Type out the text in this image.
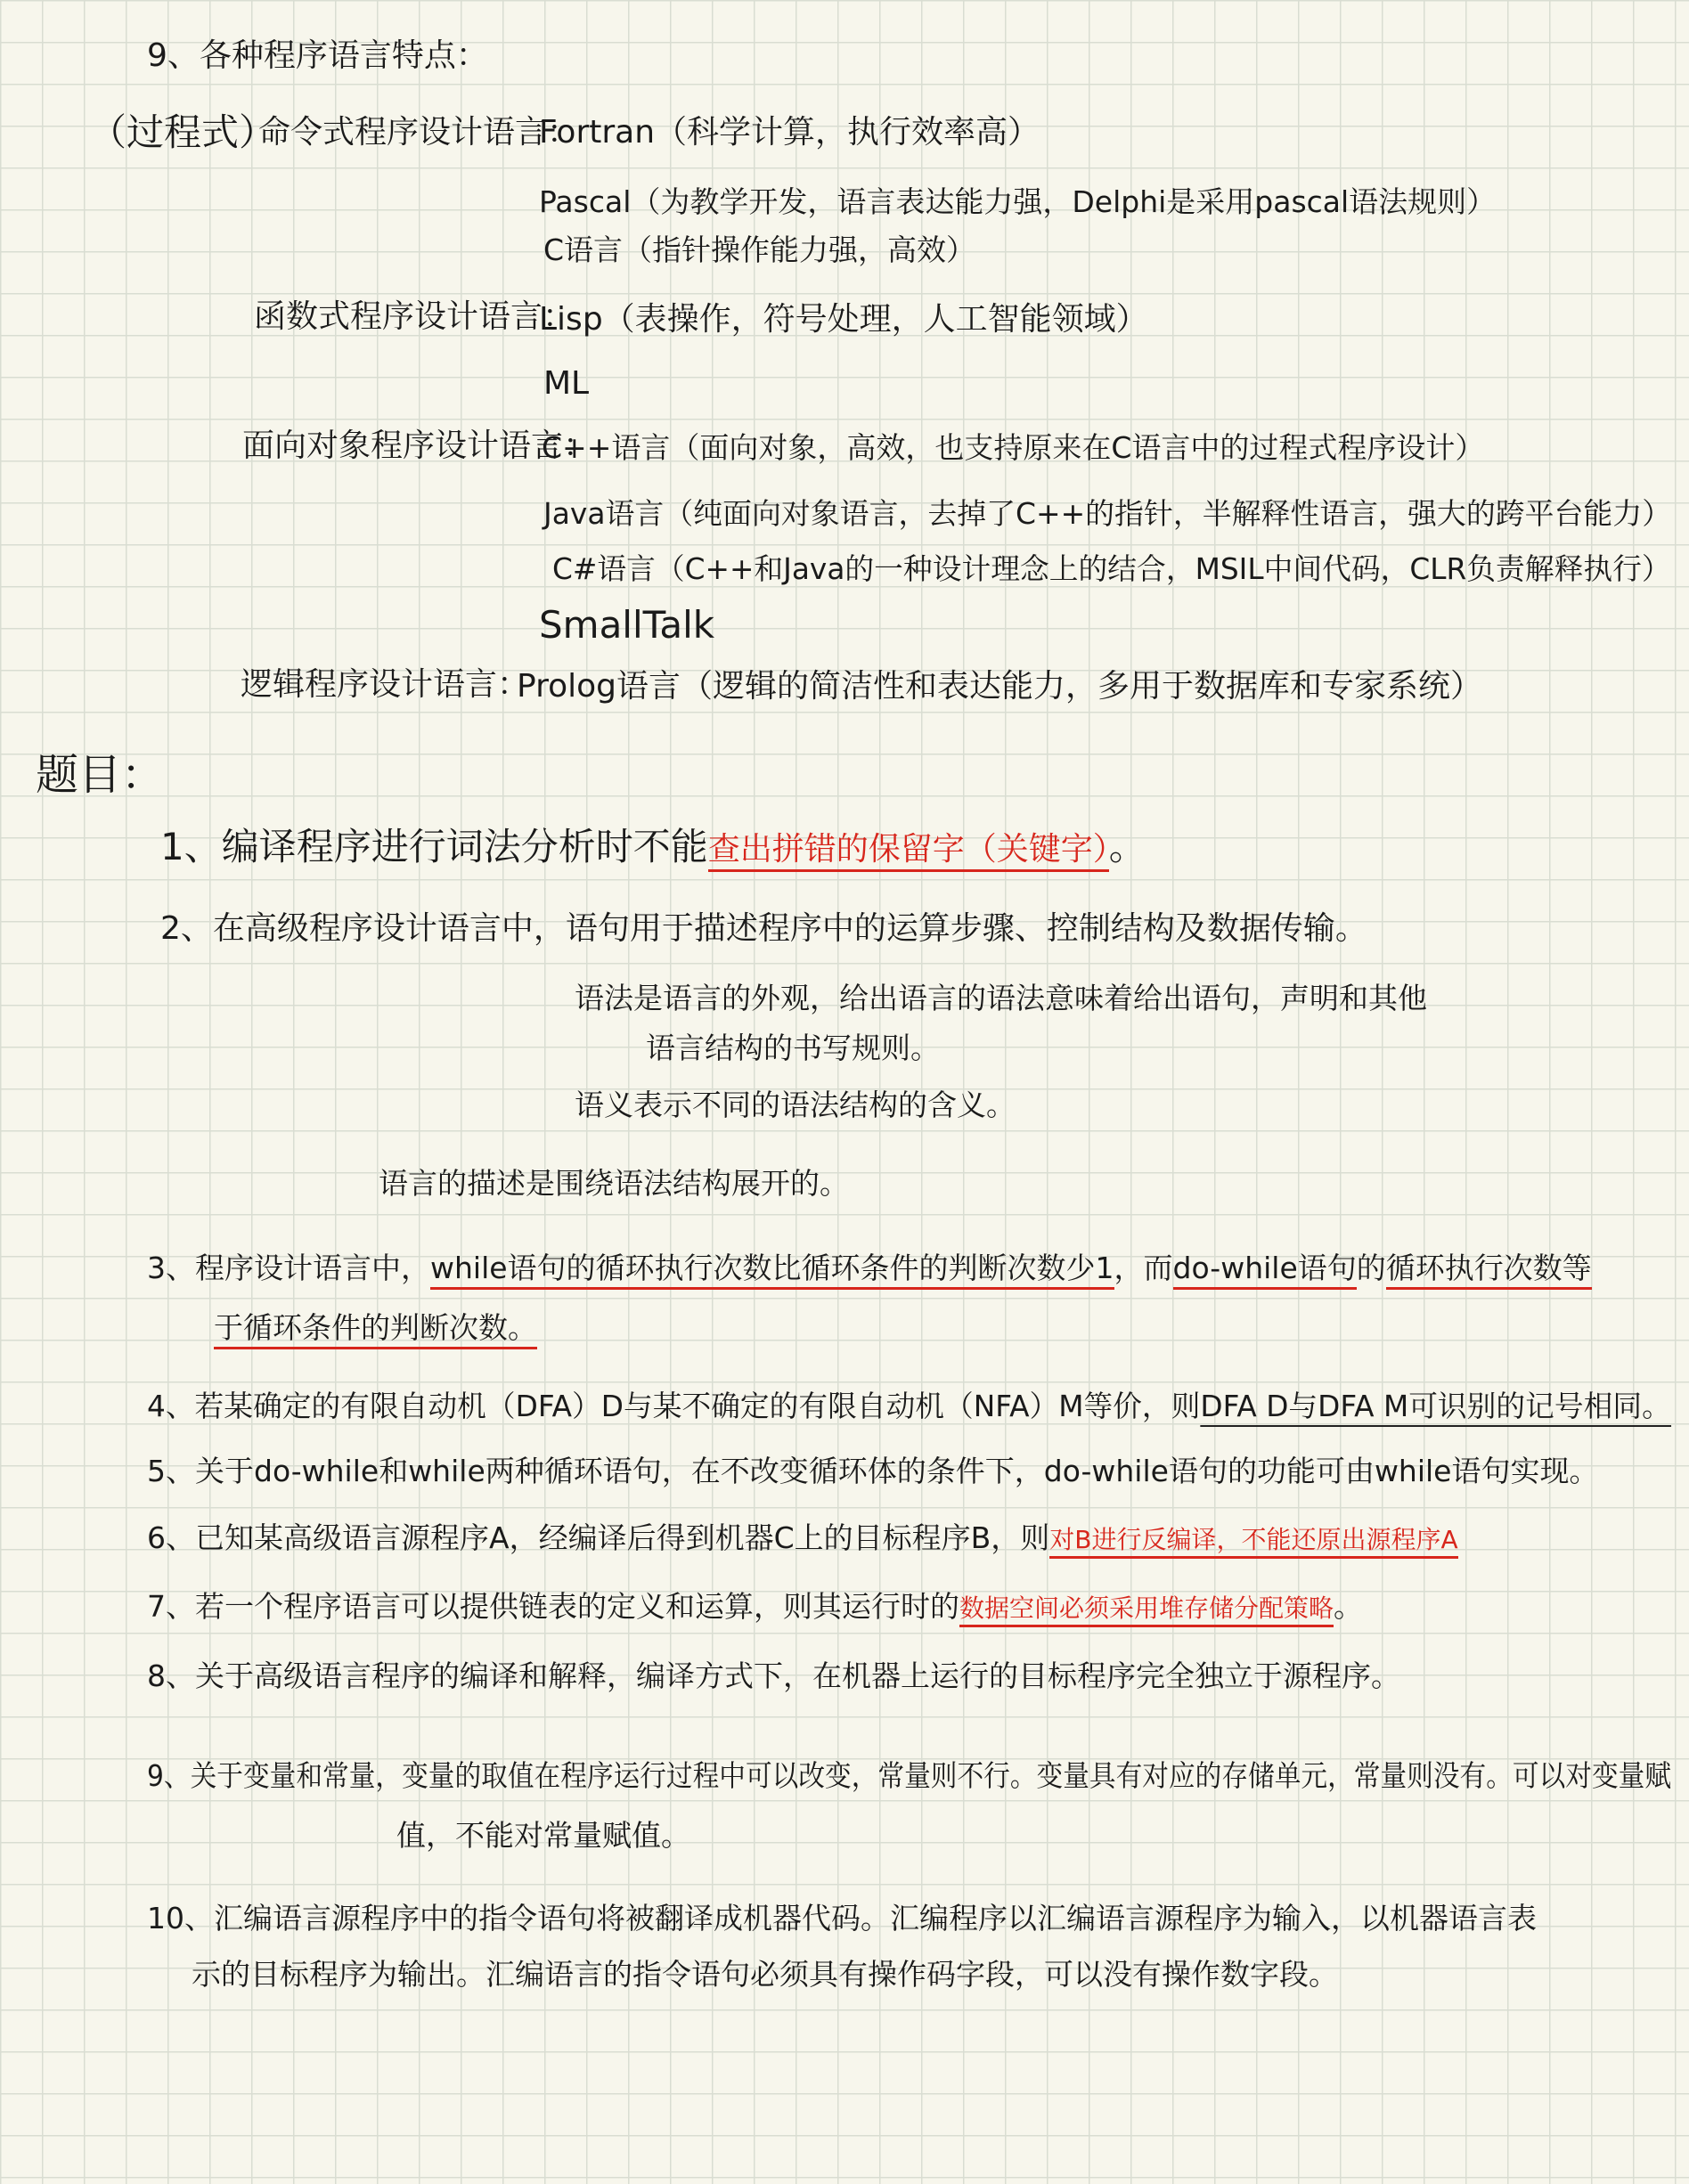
9、各种程序语言特点：
（过程式）
命令式程序设计语言：
Fortran（科学计算，执行效率高）
Pascal（为教学开发，语言表达能力强，Delphi是采用pascal语法规则）
C语言（指针操作能力强，高效）
函数式程序设计语言：
Lisp（表操作，符号处理，人工智能领域）
ML
面向对象程序设计语言：
C++语言（面向对象，高效，也支持原来在C语言中的过程式程序设计）
Java语言（纯面向对象语言，去掉了C++的指针，半解释性语言，强大的跨平台能力）
C#语言（C++和Java的一种设计理念上的结合，MSIL中间代码，CLR负责解释执行）
SmallTalk
逻辑程序设计语言：
Prolog语言（逻辑的简洁性和表达能力，多用于数据库和专家系统）
题目：
1、编译程序进行词法分析时不能查出拼错的保留字（关键字）。
2、在高级程序设计语言中，语句用于描述程序中的运算步骤、控制结构及数据传输。
语法是语言的外观，给出语言的语法意味着给出语句，声明和其他
语言结构的书写规则。
语义表示不同的语法结构的含义。
语言的描述是围绕语法结构展开的。
3、程序设计语言中，while语句的循环执行次数比循环条件的判断次数少1，而do-while语句的循环执行次数等
于循环条件的判断次数。
4、若某确定的有限自动机（DFA）D与某不确定的有限自动机（NFA）M等价，则DFA D与DFA M可识别的记号相同。
5、关于do-while和while两种循环语句，在不改变循环体的条件下，do-while语句的功能可由while语句实现。
6、已知某高级语言源程序A，经编译后得到机器C上的目标程序B，则对B进行反编译，不能还原出源程序A
7、若一个程序语言可以提供链表的定义和运算，则其运行时的数据空间必须采用堆存储分配策略。
8、关于高级语言程序的编译和解释，编译方式下，在机器上运行的目标程序完全独立于源程序。
9、关于变量和常量，变量的取值在程序运行过程中可以改变，常量则不行。变量具有对应的存储单元，常量则没有。可以对变量赋
值，不能对常量赋值。
10、汇编语言源程序中的指令语句将被翻译成机器代码。汇编程序以汇编语言源程序为输入，以机器语言表
示的目标程序为输出。汇编语言的指令语句必须具有操作码字段，可以没有操作数字段。
